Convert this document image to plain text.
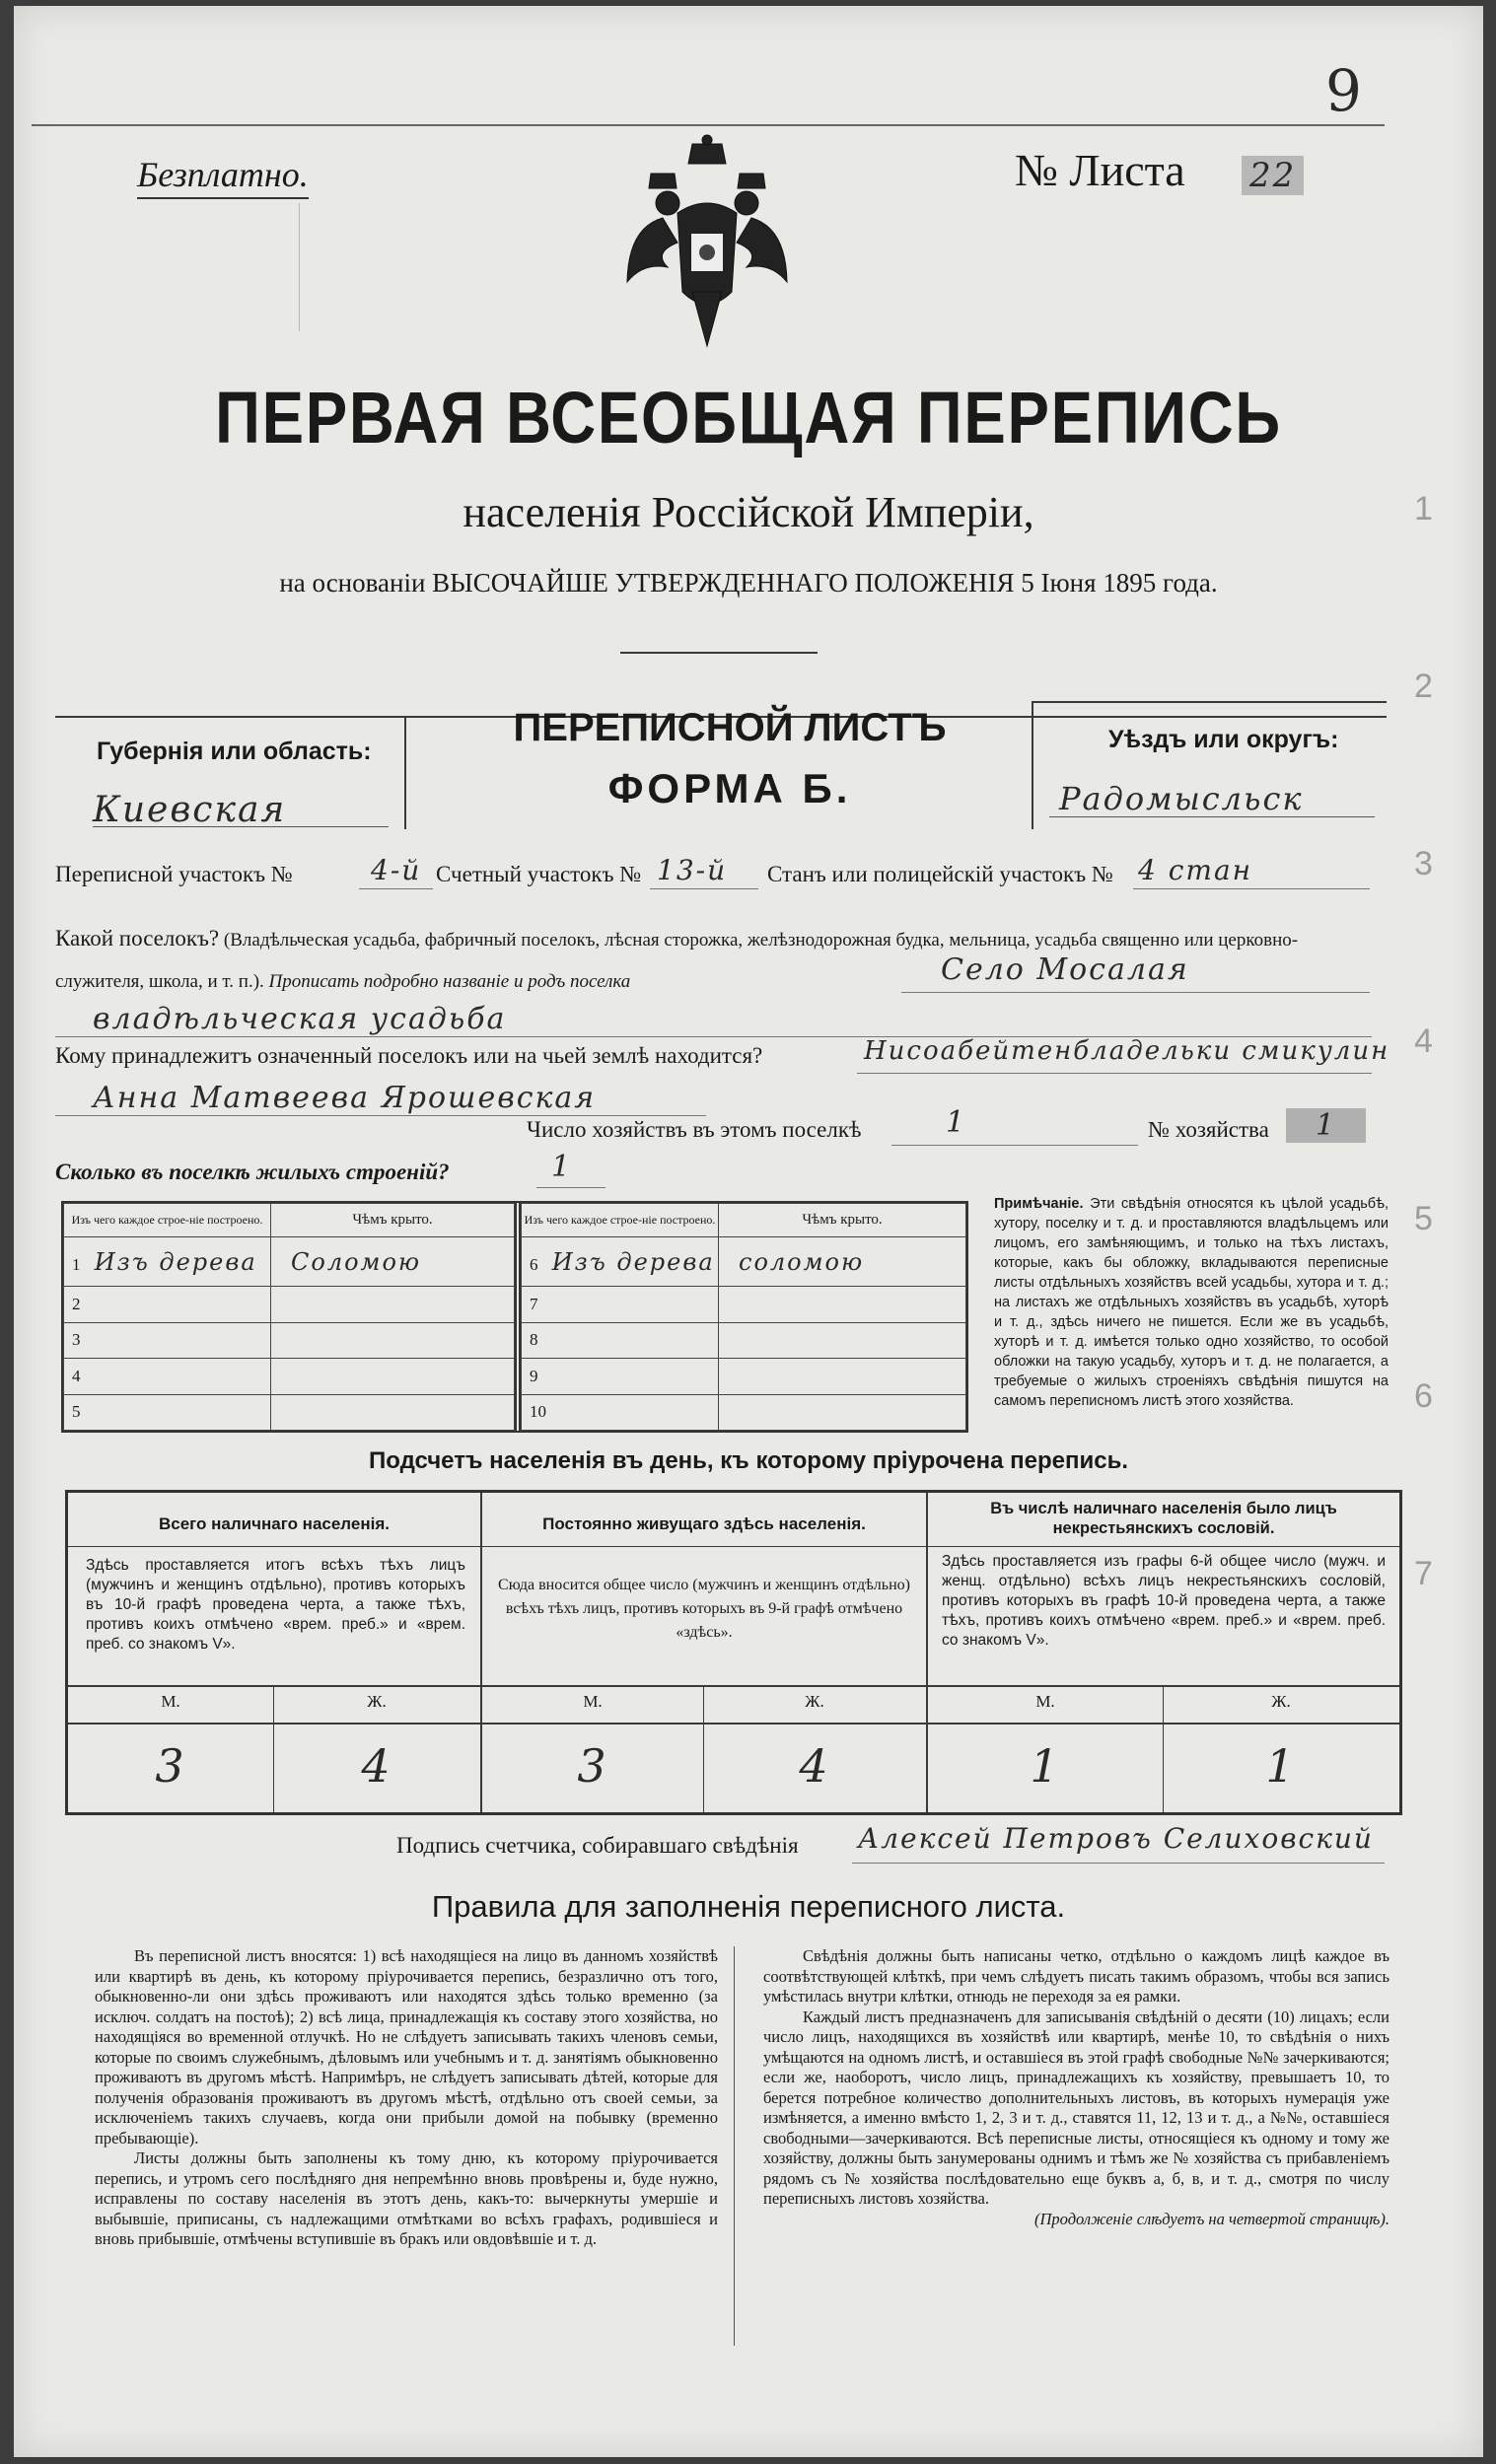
9
Безплатно.	№ Листа 22
ПЕРВАЯ ВСЕОБЩАЯ ПЕРЕПИСЬ
населенія Россійской Имперіи,
на основаніи ВЫСОЧАЙШЕ УТВЕРЖДЕННАГО ПОЛОЖЕНІЯ 5 Іюня 1895 года.
Губернія или область:
Киевская
ПЕРЕПИСНОЙ ЛИСТЪ
ФОРМА Б.
Уѣздъ или округъ:
Радомысльск
Переписной участокъ №	4-й Счетный участокъ № 13-й Станъ или полицейскій участокъ № 4 стан
Какой поселокъ? (Владѣльческая усадьба, фабричный поселокъ, лѣсная сторожка, желѣзнодорожная будка, мельница, усадьба священно или церковно-служителя, школа, и т. п.). Прописать подробно названіе и родъ поселка	Село Мосалая
владѣльческая усадьба
Кому принадлежитъ означенный поселокъ или на чьей землѣ находится?	Нисоабейтенбладельки смикулин
Анна Матвеева Ярошевская
Число хозяйствъ въ этомъ поселкѣ	1	№ хозяйства	1
Сколько въ поселкѣ жилыхъ строеній?	1
Изъ чего каждое строе-ніе построено.	Чѣмъ крыто.
1 Изъ дерева	Соломою
2	
3	
4	
5	
Изъ чего каждое строе-ніе построено.	Чѣмъ крыто.
6 Изъ дерева	соломою
7	
8	
9	
10	
Примѣчаніе. Эти свѣдѣнія относятся къ цѣлой усадьбѣ, хутору, поселку и т. д. и проставляются владѣльцемъ или лицомъ, его замѣняющимъ, и только на тѣхъ листахъ, которые, какъ бы обложку, вкладываются переписные листы отдѣльныхъ хозяйствъ всей усадьбы, хутора и т. д.; на листахъ же отдѣльныхъ хозяйствъ въ усадьбѣ, хуторѣ и т. д., здѣсь ничего не пишется. Если же въ усадьбѣ, хуторѣ и т. д. имѣется только одно хозяйство, то особой обложки на такую усадьбу, хуторъ и т. д. не полагается, а требуемые о жилыхъ строеніяхъ свѣдѣнія пишутся на самомъ переписномъ листѣ этого хозяйства.
Подсчетъ населенія въ день, къ которому пріурочена перепись.
Всего наличнаго населенія.
Здѣсь проставляется итогъ всѣхъ тѣхъ лицъ (мужчинъ и женщинъ отдѣльно), противъ которыхъ въ 10-й графѣ проведена черта, а также тѣхъ, противъ коихъ отмѣчено «врем. преб.» и «врем. преб. со знакомъ V».
Постоянно живущаго здѣсь населенія.
Сюда вносится общее число (мужчинъ и женщинъ отдѣльно) всѣхъ тѣхъ лицъ, противъ которыхъ въ 9-й графѣ отмѣчено «здѣсь».
Въ числѣ наличнаго населенія было лицъ некрестьянскихъ сословій.
Здѣсь проставляется изъ графы 6-й общее число (мужч. и женщ. отдѣльно) всѣхъ лицъ некрестьянскихъ сословій, противъ которыхъ въ графѣ 10-й проведена черта, а также тѣхъ, противъ коихъ отмѣчено «врем. преб.» и «врем. преб. со знакомъ V».
М.	Ж.	М.	Ж.	М.	Ж.
3	4	3	4	1	1
Подпись счетчика, собиравшаго свѣдѣнія Алексей Петровъ Селиховский
Правила для заполненія переписного листа.

Въ переписной листъ вносятся: 1) всѣ находящіеся на лицо въ данномъ хозяйствѣ или квартирѣ въ день, къ которому пріурочивается перепись, безразлично отъ того, обыкновенно-ли они здѣсь проживаютъ или находятся здѣсь только временно (за исключ. солдатъ на постоѣ); 2) всѣ лица, принадлежащія къ составу этого хозяйства, но находящіяся во временной отлучкѣ. Но не слѣдуетъ записывать такихъ членовъ семьи, которые по своимъ служебнымъ, дѣловымъ или учебнымъ и т. д. занятіямъ обыкновенно проживаютъ въ другомъ мѣстѣ. Напримѣръ, не слѣдуетъ записывать дѣтей, которые для полученія образованія проживаютъ въ другомъ мѣстѣ, отдѣльно отъ своей семьи, за исключеніемъ такихъ случаевъ, когда они прибыли домой на побывку (временно пребывающіе).

Листы должны быть заполнены къ тому дню, къ которому пріурочивается перепись, и утромъ сего послѣдняго дня непремѣнно вновь провѣрены и, буде нужно, исправлены по составу населенія въ этотъ день, какъ-то: вычеркнуты умершіе и выбывшіе, приписаны, съ надлежащими отмѣтками во всѣхъ графахъ, родившіеся и вновь прибывшіе, отмѣчены вступившіе въ бракъ или овдовѣвшіе и т. д.

Свѣдѣнія должны быть написаны четко, отдѣльно о каждомъ лицѣ каждое въ соотвѣтствующей клѣткѣ, при чемъ слѣдуетъ писать такимъ образомъ, чтобы вся запись умѣстилась внутри клѣтки, отнюдь не переходя за ея рамки.

Каждый листъ предназначенъ для записыванія свѣдѣній о десяти (10) лицахъ; если число лицъ, находящихся въ хозяйствѣ или квартирѣ, менѣе 10, то свѣдѣнія о нихъ умѣщаются на одномъ листѣ, и оставшіеся въ этой графѣ свободные №№ зачеркиваются; если же, наоборотъ, число лицъ, принадлежащихъ къ хозяйству, превышаетъ 10, то берется потребное количество дополнительныхъ листовъ, въ которыхъ нумерація уже измѣняется, а именно вмѣсто 1, 2, 3 и т. д., ставятся 11, 12, 13 и т. д., а №№, оставшіеся свободными—зачеркиваются. Всѣ переписные листы, относящіеся къ одному и тому же хозяйству, должны быть занумерованы однимъ и тѣмъ же № хозяйства съ прибавленіемъ рядомъ съ № хозяйства послѣдовательно еще буквъ а, б, в, и т. д., смотря по числу переписныхъ листовъ хозяйства.

(Продолженіе слѣдуетъ на четвертой страницѣ).
1
2
3
4
5
6
7
